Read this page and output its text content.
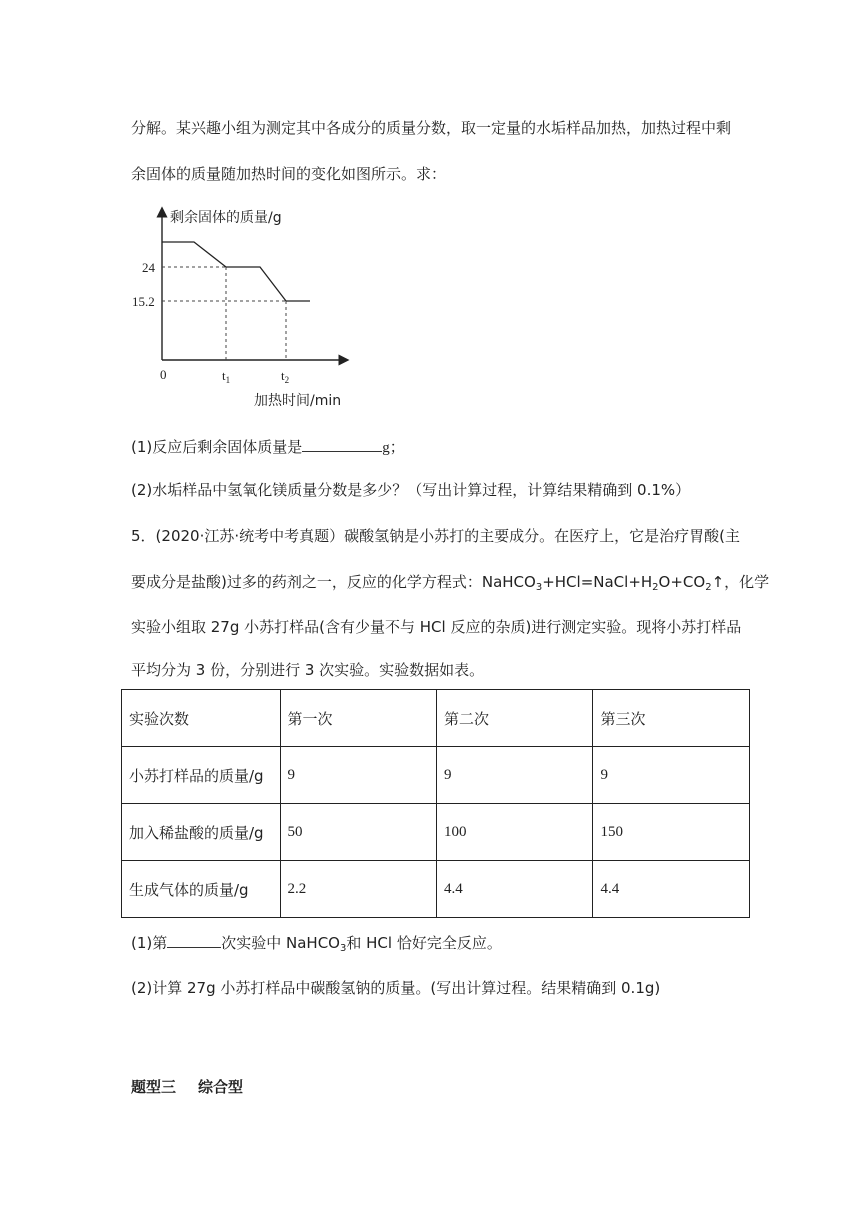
分解。某兴趣小组为测定其中各成分的质量分数，取一定量的水垢样品加热，加热过程中剩
余固体的质量随加热时间的变化如图所示。求：
剩余固体的质量/g
加热时间/min
0
24
15.2
$t_1$	$t_2$
(1)反应后剩余固体质量是	g；
(2)水垢样品中氢氧化镁质量分数是多少？（写出计算过程，计算结果精确到 0.1%）
5．(2020·江苏·统考中考真题）碳酸氢钠是小苏打的主要成分。在医疗上，它是治疗胃酸(主
要成分是盐酸)过多的药剂之一，反应的化学方程式：$NaHCO_3+HCl=NaCl+H_2O+CO_2↑$，化学
实验小组取 27g 小苏打样品(含有少量不与 HCl 反应的杂质)进行测定实验。现将小苏打样品
平均分为 3 份，分别进行 3 次实验。实验数据如表。
实验次数	第一次	第二次	第三次
小苏打样品的质量/g	9	9	9
加入稀盐酸的质量/g	50	100	150
生成气体的质量/g	2.2	4.4	4.4
(1)第	次实验中 NaHCO$_3$和 HCl 恰好完全反应。
(2)计算 27g 小苏打样品中碳酸氢钠的质量。(写出计算过程。结果精确到 0.1g)
题型三 综合型
